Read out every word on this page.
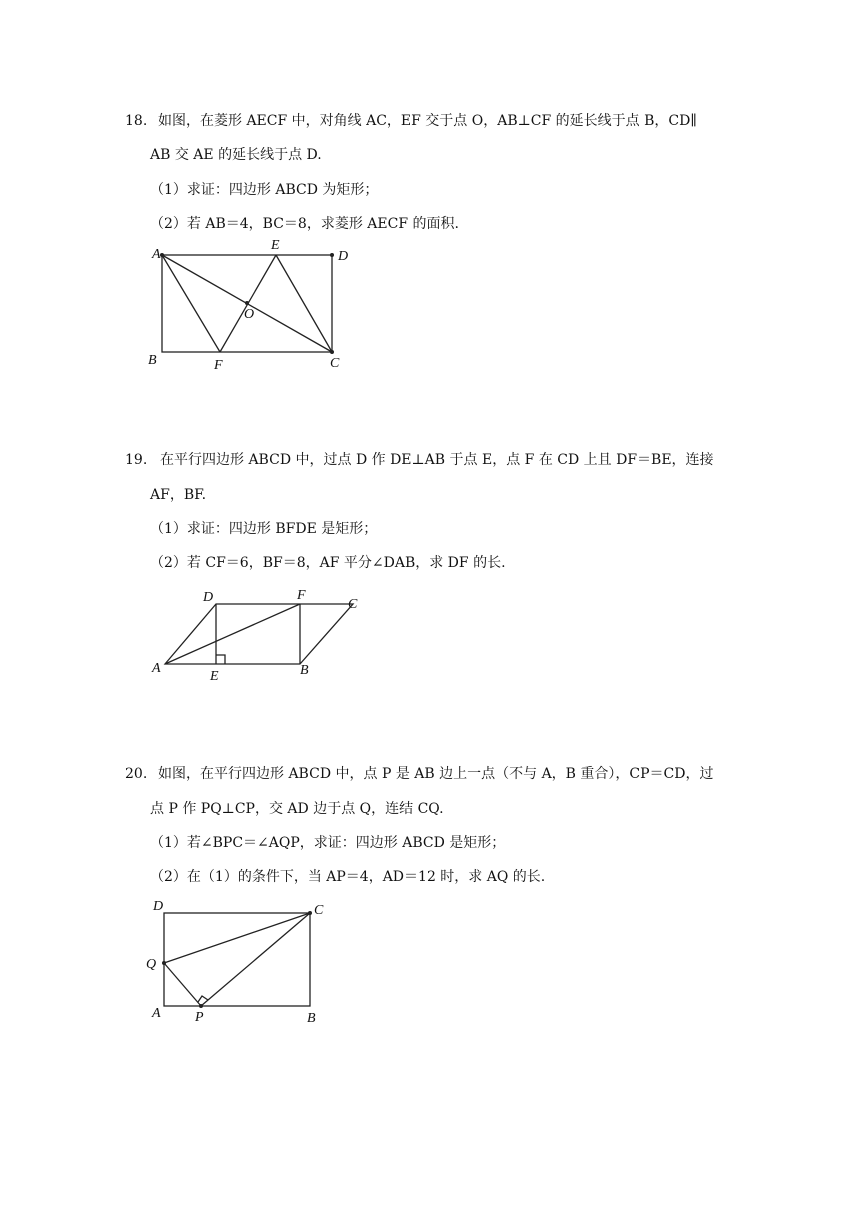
18. 如图，在菱形 AECF 中，对角线 AC，EF 交于点 O，AB⊥CF 的延长线于点 B，CD∥
AB 交 AE 的延长线于点 D.
（1）求证：四边形 ABCD 为矩形；
（2）若 AB＝4，BC＝8，求菱形 AECF 的面积.
A
E
D
O
B	F	C
19. 在平行四边形 ABCD 中，过点 D 作 DE⊥AB 于点 E，点 F 在 CD 上且 DF＝BE，连接
AF，BF.
（1）求证：四边形 BFDE 是矩形；
（2）若 CF＝6，BF＝8，AF 平分∠DAB，求 DF 的长.
D	F
C
A
E	B
20. 如图，在平行四边形 ABCD 中，点 P 是 AB 边上一点（不与 A，B 重合），CP＝CD，过
点 P 作 PQ⊥CP，交 AD 边于点 Q，连结 CQ.
（1）若∠BPC＝∠AQP，求证：四边形 ABCD 是矩形；
（2）在（1）的条件下，当 AP＝4，AD＝12 时，求 AQ 的长.
D	C
Q
A P	B
